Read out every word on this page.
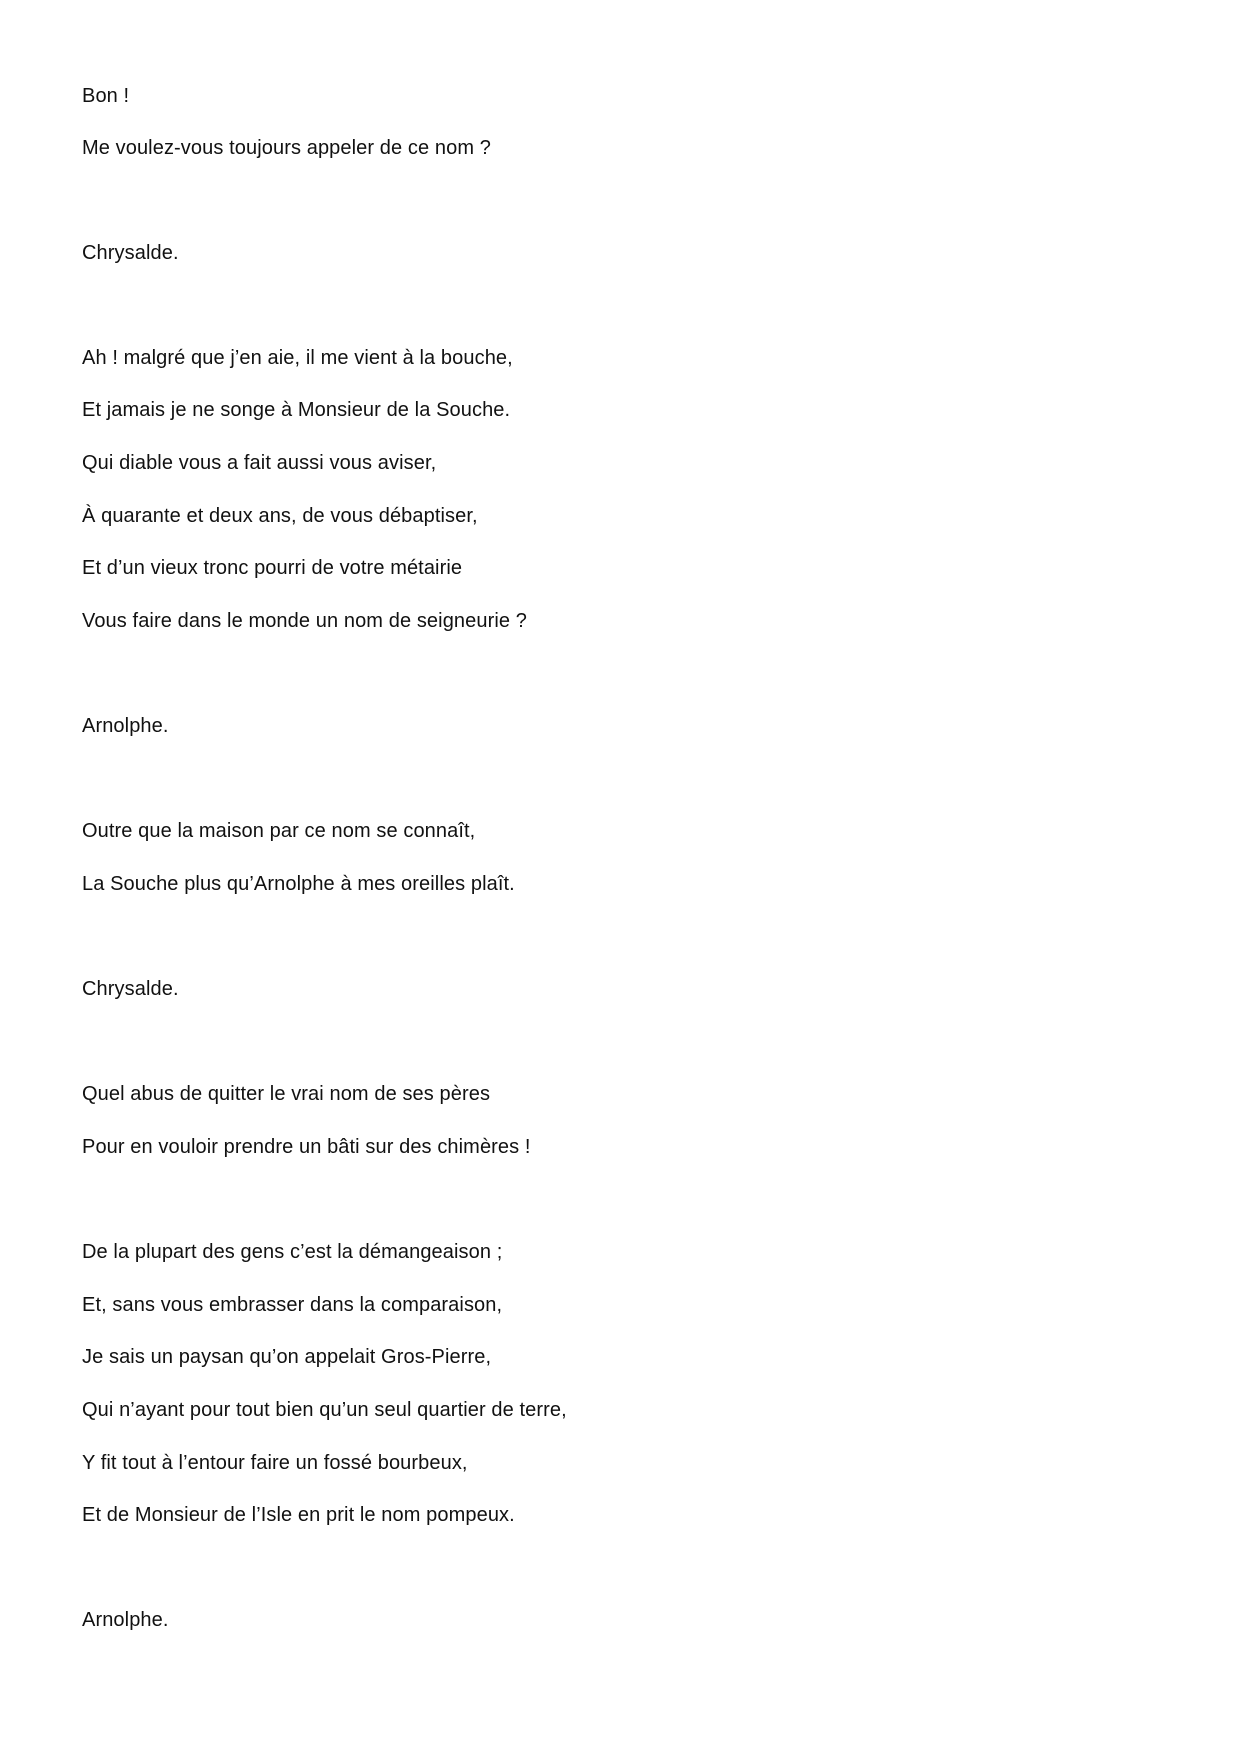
Bon !
Me voulez-vous toujours appeler de ce nom ?
Chrysalde.
Ah ! malgré que j’en aie, il me vient à la bouche,
Et jamais je ne songe à Monsieur de la Souche.
Qui diable vous a fait aussi vous aviser,
À quarante et deux ans, de vous débaptiser,
Et d’un vieux tronc pourri de votre métairie
Vous faire dans le monde un nom de seigneurie ?
Arnolphe.
Outre que la maison par ce nom se connaît,
La Souche plus qu’Arnolphe à mes oreilles plaît.
Chrysalde.
Quel abus de quitter le vrai nom de ses pères
Pour en vouloir prendre un bâti sur des chimères !
De la plupart des gens c’est la démangeaison ;
Et, sans vous embrasser dans la comparaison,
Je sais un paysan qu’on appelait Gros-Pierre,
Qui n’ayant pour tout bien qu’un seul quartier de terre,
Y fit tout à l’entour faire un fossé bourbeux,
Et de Monsieur de l’Isle en prit le nom pompeux.
Arnolphe.
